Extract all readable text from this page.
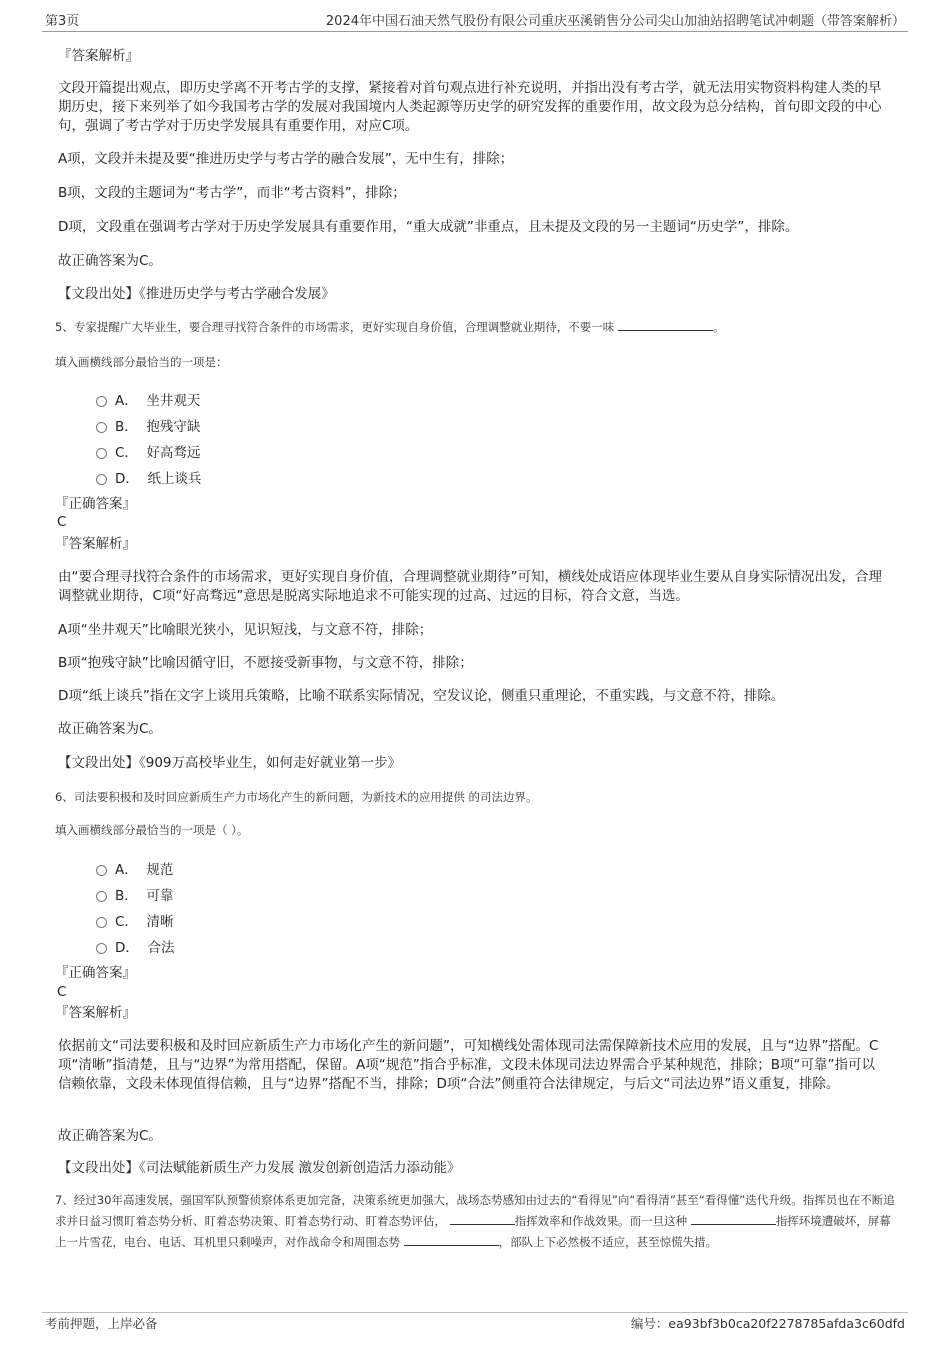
第3页	2024年中国石油天然气股份有限公司重庆巫溪销售分公司尖山加油站招聘笔试冲刺题（带答案解析）
『答案解析』
文段开篇提出观点，即历史学离不开考古学的支撑，紧接着对首句观点进行补充说明，并指出没有考古学，就无法用实物资料构建人类的早期历史，接下来列举了如今我国考古学的发展对我国境内人类起源等历史学的研究发挥的重要作用，故文段为总分结构，首句即文段的中心句，强调了考古学对于历史学发展具有重要作用，对应C项。
A项，文段并未提及要“推进历史学与考古学的融合发展”，无中生有，排除；
B项，文段的主题词为“考古学”，而非“考古资料”，排除；
D项，文段重在强调考古学对于历史学发展具有重要作用，“重大成就”非重点，且未提及文段的另一主题词“历史学”，排除。
故正确答案为C。
【文段出处】《推进历史学与考古学融合发展》
5、专家提醒广大毕业生，要合理寻找符合条件的市场需求，更好实现自身价值，合理调整就业期待，不要一味	。
填入画横线部分最恰当的一项是：
A．
坐井观天
B．
抱残守缺
C．
好高骛远
D．
纸上谈兵
『正确答案』
C
『答案解析』
由“要合理寻找符合条件的市场需求，更好实现自身价值，合理调整就业期待”可知，横线处成语应体现毕业生要从自身实际情况出发，合理调整就业期待，C项“好高骛远”意思是脱离实际地追求不可能实现的过高、过远的目标，符合文意，当选。
A项“坐井观天”比喻眼光狭小，见识短浅，与文意不符，排除；
B项“抱残守缺”比喻因循守旧，不愿接受新事物，与文意不符，排除；
D项“纸上谈兵”指在文字上谈用兵策略，比喻不联系实际情况，空发议论，侧重只重理论，不重实践，与文意不符，排除。
故正确答案为C。
【文段出处】《909万高校毕业生，如何走好就业第一步》
6、司法要积极和及时回应新质生产力市场化产生的新问题，为新技术的应用提供 的司法边界。
填入画横线部分最恰当的一项是（ ）。
A．
规范
B．
可靠
C．
清晰
D．
合法
『正确答案』
C
『答案解析』
依据前文“司法要积极和及时回应新质生产力市场化产生的新问题”，可知横线处需体现司法需保障新技术应用的发展，且与“边界”搭配。C项“清晰”指清楚，且与“边界”为常用搭配，保留。A项“规范”指合乎标准，文段未体现司法边界需合乎某种规范，排除；B项“可靠”指可以信赖依靠，文段未体现值得信赖，且与“边界”搭配不当，排除；D项“合法”侧重符合法律规定，与后文“司法边界”语义重复，排除。
故正确答案为C。
【文段出处】《司法赋能新质生产力发展 激发创新创造活力添动能》
7、经过30年高速发展，强国军队预警侦察体系更加完备，决策系统更加强大，战场态势感知由过去的“看得见”向“看得清”甚至“看得懂”迭代升级。指挥员也在不断追求并日益习惯盯着态势分析、盯着态势决策、盯着态势行动、盯着态势评估，	指挥效率和作战效果。而一旦这种	指挥环境遭破坏，屏幕上一片雪花，电台、电话、耳机里只剩噪声，对作战命令和周围态势	，部队上下必然极不适应，甚至惊慌失措。
考前押题，上岸必备	编号：ea93bf3b0ca20f2278785afda3c60dfd
